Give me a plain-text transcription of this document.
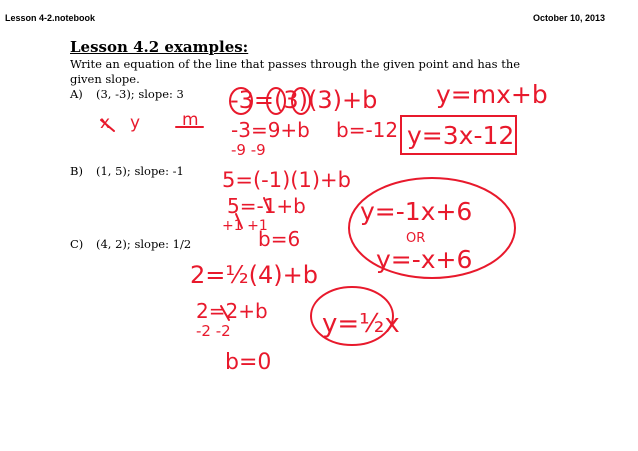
Lesson 4-2.notebook	October 10, 2013
Lesson 4.2 examples:
Write an equation of the line that passes through the given point and has the given slope.
A) (3, -3); slope: 3
B) (1, 5); slope: -1
C) (4, 2); slope: 1/2
x y m
y=mx+b
-3=(3)(3)+b
-3=9+b
-9 -9
b=-12 y=3x-12
5=(-1)(1)+b
5=-1+b
+1 +1
b=6
y=-1x+6
OR
y=-x+6
2=½(4)+b
2=2+b
-2 -2
b=0
y=½x
